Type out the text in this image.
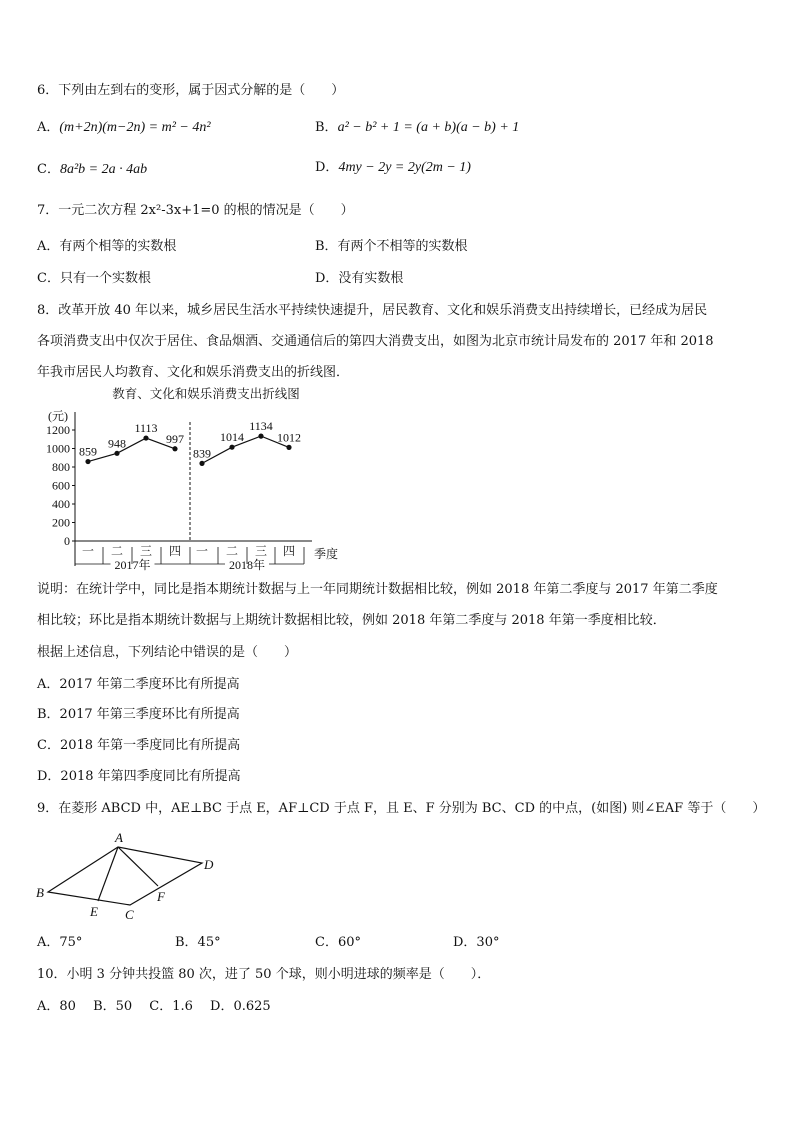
6．下列由左到右的变形，属于因式分解的是（　　）
A．(m+2n)(m−2n) = m² − 4n²	B．a² − b² + 1 = (a + b)(a − b) + 1
C．8a²b = 2a · 4ab	D．4my − 2y = 2y(2m − 1)
7．一元二次方程 2x²-3x+1=0 的根的情况是（　　）
A．有两个相等的实数根	B．有两个不相等的实数根
C．只有一个实数根	D．没有实数根
8．改革开放 40 年以来，城乡居民生活水平持续快速提升，居民教育、文化和娱乐消费支出持续增长，已经成为居民
各项消费支出中仅次于居住、食品烟酒、交通通信后的第四大消费支出，如图为北京市统计局发布的 2017 年和 2018
年我市居民人均教育、文化和娱乐消费支出的折线图．
教育、文化和娱乐消费支出折线图
(元)
季度
0
200
400
600
800
1000
1200
一 二 三 四 一 二 三 四
2017年	2018年
859
948
1113
997
839
1014
1134
1012
说明：在统计学中，同比是指本期统计数据与上一年同期统计数据相比较，例如 2018 年第二季度与 2017 年第二季度
相比较；环比是指本期统计数据与上期统计数据相比较，例如 2018 年第二季度与 2018 年第一季度相比较．
根据上述信息，下列结论中错误的是（　　）
A．2017 年第二季度环比有所提高
B．2017 年第三季度环比有所提高
C．2018 年第一季度同比有所提高
D．2018 年第四季度同比有所提高
9．在菱形 ABCD 中，AE⊥BC 于点 E，AF⊥CD 于点 F，且 E、F 分别为 BC、CD 的中点，(如图) 则∠EAF 等于（　　）
A
B
C
D
E
F
A．75°	B．45°	C．60°	D．30°
10．小明 3 分钟共投篮 80 次，进了 50 个球，则小明进球的频率是（　　）．
A．80　 B．50　 C．1.6　 D．0.625
